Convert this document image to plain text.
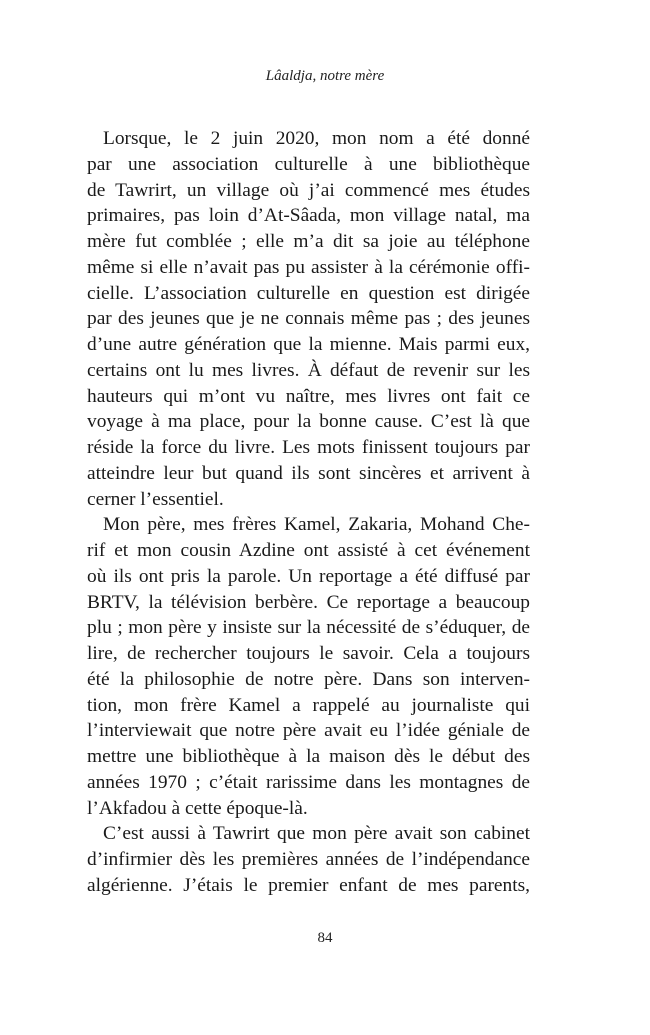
Lâaldja, notre mère
Lorsque, le 2 juin 2020, mon nom a été donné
par une association culturelle à une bibliothèque
de Tawrirt, un village où j’ai commencé mes études
primaires, pas loin d’At-Sâada, mon village natal, ma
mère fut comblée ; elle m’a dit sa joie au téléphone
même si elle n’avait pas pu assister à la cérémonie offi-
cielle. L’association culturelle en question est dirigée
par des jeunes que je ne connais même pas ; des jeunes
d’une autre génération que la mienne. Mais parmi eux,
certains ont lu mes livres. À défaut de revenir sur les
hauteurs qui m’ont vu naître, mes livres ont fait ce
voyage à ma place, pour la bonne cause. C’est là que
réside la force du livre. Les mots finissent toujours par
atteindre leur but quand ils sont sincères et arrivent à
cerner l’essentiel.
Mon père, mes frères Kamel, Zakaria, Mohand Che-
rif et mon cousin Azdine ont assisté à cet événement
où ils ont pris la parole. Un reportage a été diffusé par
BRTV, la télévision berbère. Ce reportage a beaucoup
plu ; mon père y insiste sur la nécessité de s’éduquer, de
lire, de rechercher toujours le savoir. Cela a toujours
été la philosophie de notre père. Dans son interven-
tion, mon frère Kamel a rappelé au journaliste qui
l’interviewait que notre père avait eu l’idée géniale de
mettre une bibliothèque à la maison dès le début des
années 1970 ; c’était rarissime dans les montagnes de
l’Akfadou à cette époque-là.
C’est aussi à Tawrirt que mon père avait son cabinet
d’infirmier dès les premières années de l’indépendance
algérienne. J’étais le premier enfant de mes parents,
84
